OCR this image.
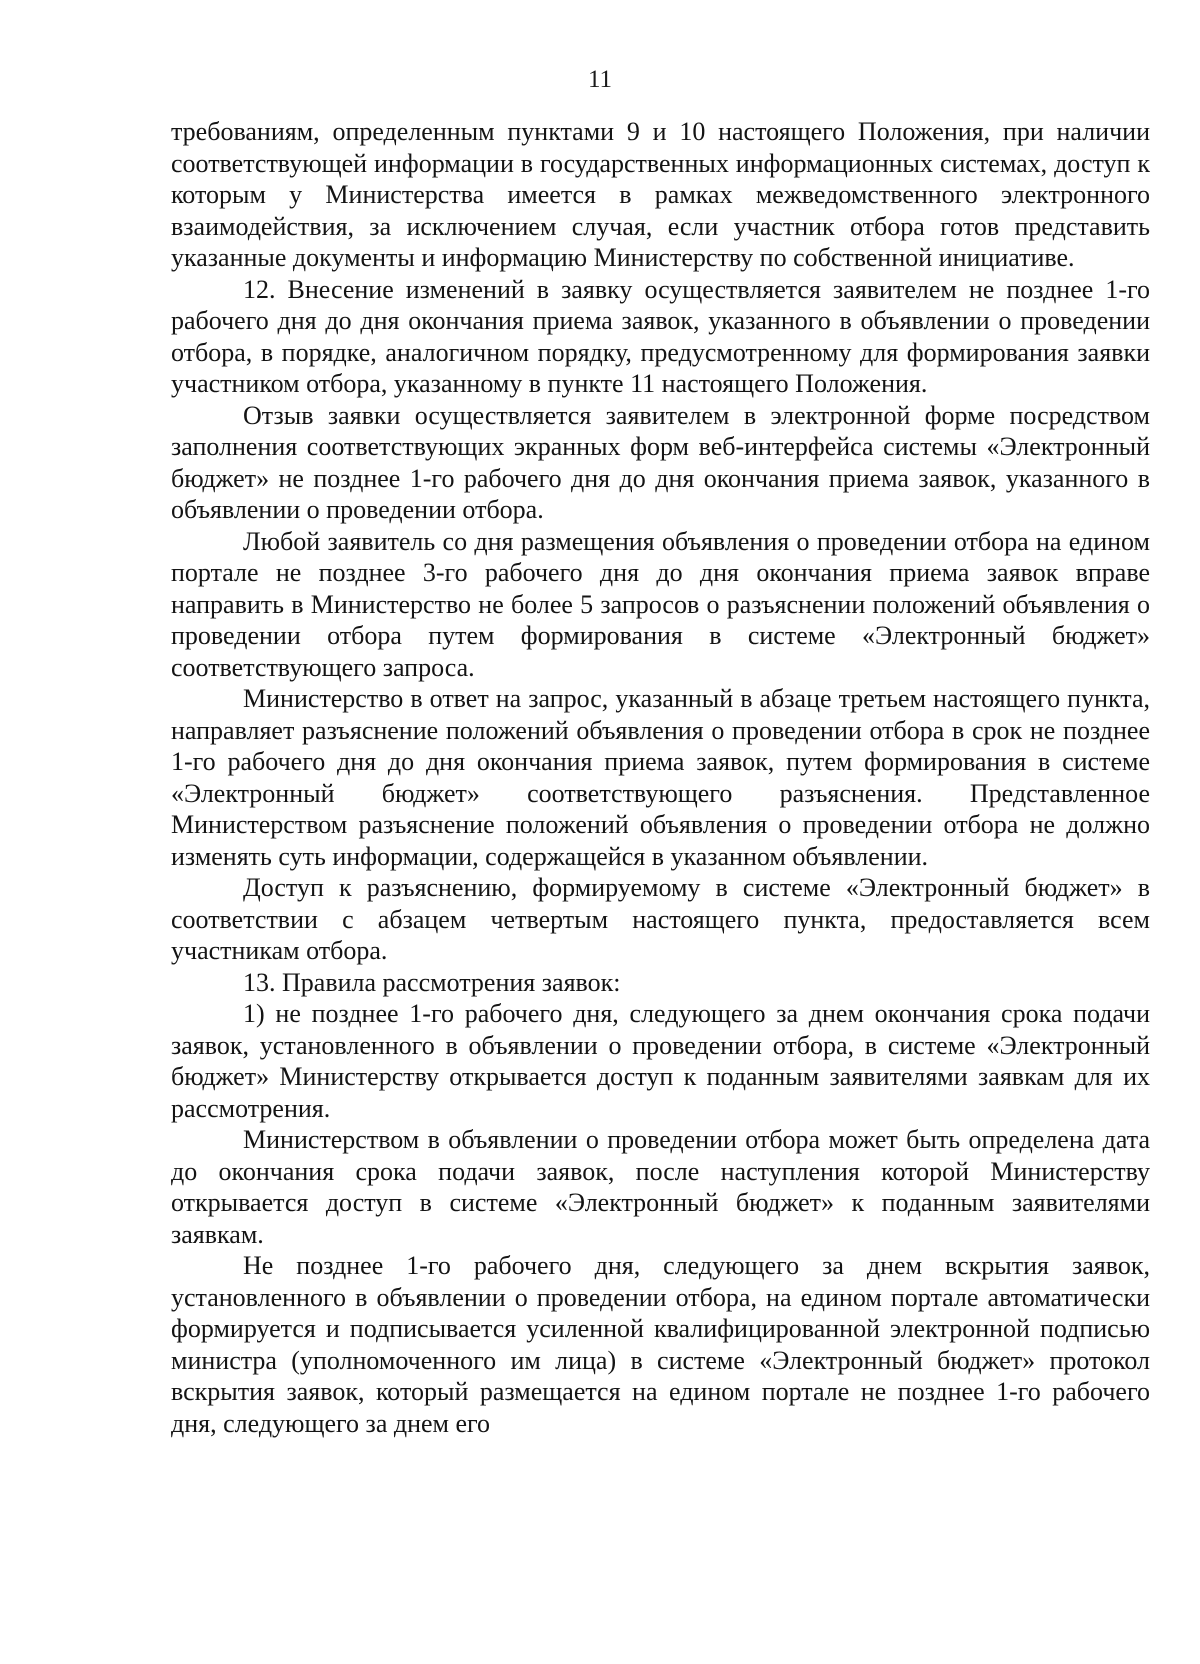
11

требованиям, определенным пунктами 9 и 10 настоящего Положения, при наличии соответствующей информации в государственных информационных системах, доступ к которым у Министерства имеется в рамках межведомственного электронного взаимодействия, за исключением случая, если участник отбора готов представить указанные документы и информацию Министерству по собственной инициативе.

12. Внесение изменений в заявку осуществляется заявителем не позднее 1-го рабочего дня до дня окончания приема заявок, указанного в объявлении о проведении отбора, в порядке, аналогичном порядку, предусмотренному для формирования заявки участником отбора, указанному в пункте 11 настоящего Положения.

Отзыв заявки осуществляется заявителем в электронной форме посредством заполнения соответствующих экранных форм веб-интерфейса системы «Электронный бюджет» не позднее 1-го рабочего дня до дня окончания приема заявок, указанного в объявлении о проведении отбора.

Любой заявитель со дня размещения объявления о проведении отбора на едином портале не позднее 3-го рабочего дня до дня окончания приема заявок вправе направить в Министерство не более 5 запросов о разъяснении положений объявления о проведении отбора путем формирования в системе «Электронный бюджет» соответствующего запроса.

Министерство в ответ на запрос, указанный в абзаце третьем настоящего пункта, направляет разъяснение положений объявления о проведении отбора в срок не позднее 1-го рабочего дня до дня окончания приема заявок, путем формирования в системе «Электронный бюджет» соответствующего разъяснения. Представленное Министерством разъяснение положений объявления о проведении отбора не должно изменять суть информации, содержащейся в указанном объявлении.

Доступ к разъяснению, формируемому в системе «Электронный бюджет» в соответствии с абзацем четвертым настоящего пункта, предоставляется всем участникам отбора.

13. Правила рассмотрения заявок:

1) не позднее 1-го рабочего дня, следующего за днем окончания срока подачи заявок, установленного в объявлении о проведении отбора, в системе «Электронный бюджет» Министерству открывается доступ к поданным заявителями заявкам для их рассмотрения.

Министерством в объявлении о проведении отбора может быть определена дата до окончания срока подачи заявок, после наступления которой Министерству открывается доступ в системе «Электронный бюджет» к поданным заявителями заявкам.

Не позднее 1-го рабочего дня, следующего за днем вскрытия заявок, установленного в объявлении о проведении отбора, на едином портале автоматически формируется и подписывается усиленной квалифицированной электронной подписью министра (уполномоченного им лица) в системе «Электронный бюджет» протокол вскрытия заявок, который размещается на едином портале не позднее 1-го рабочего дня, следующего за днем его
